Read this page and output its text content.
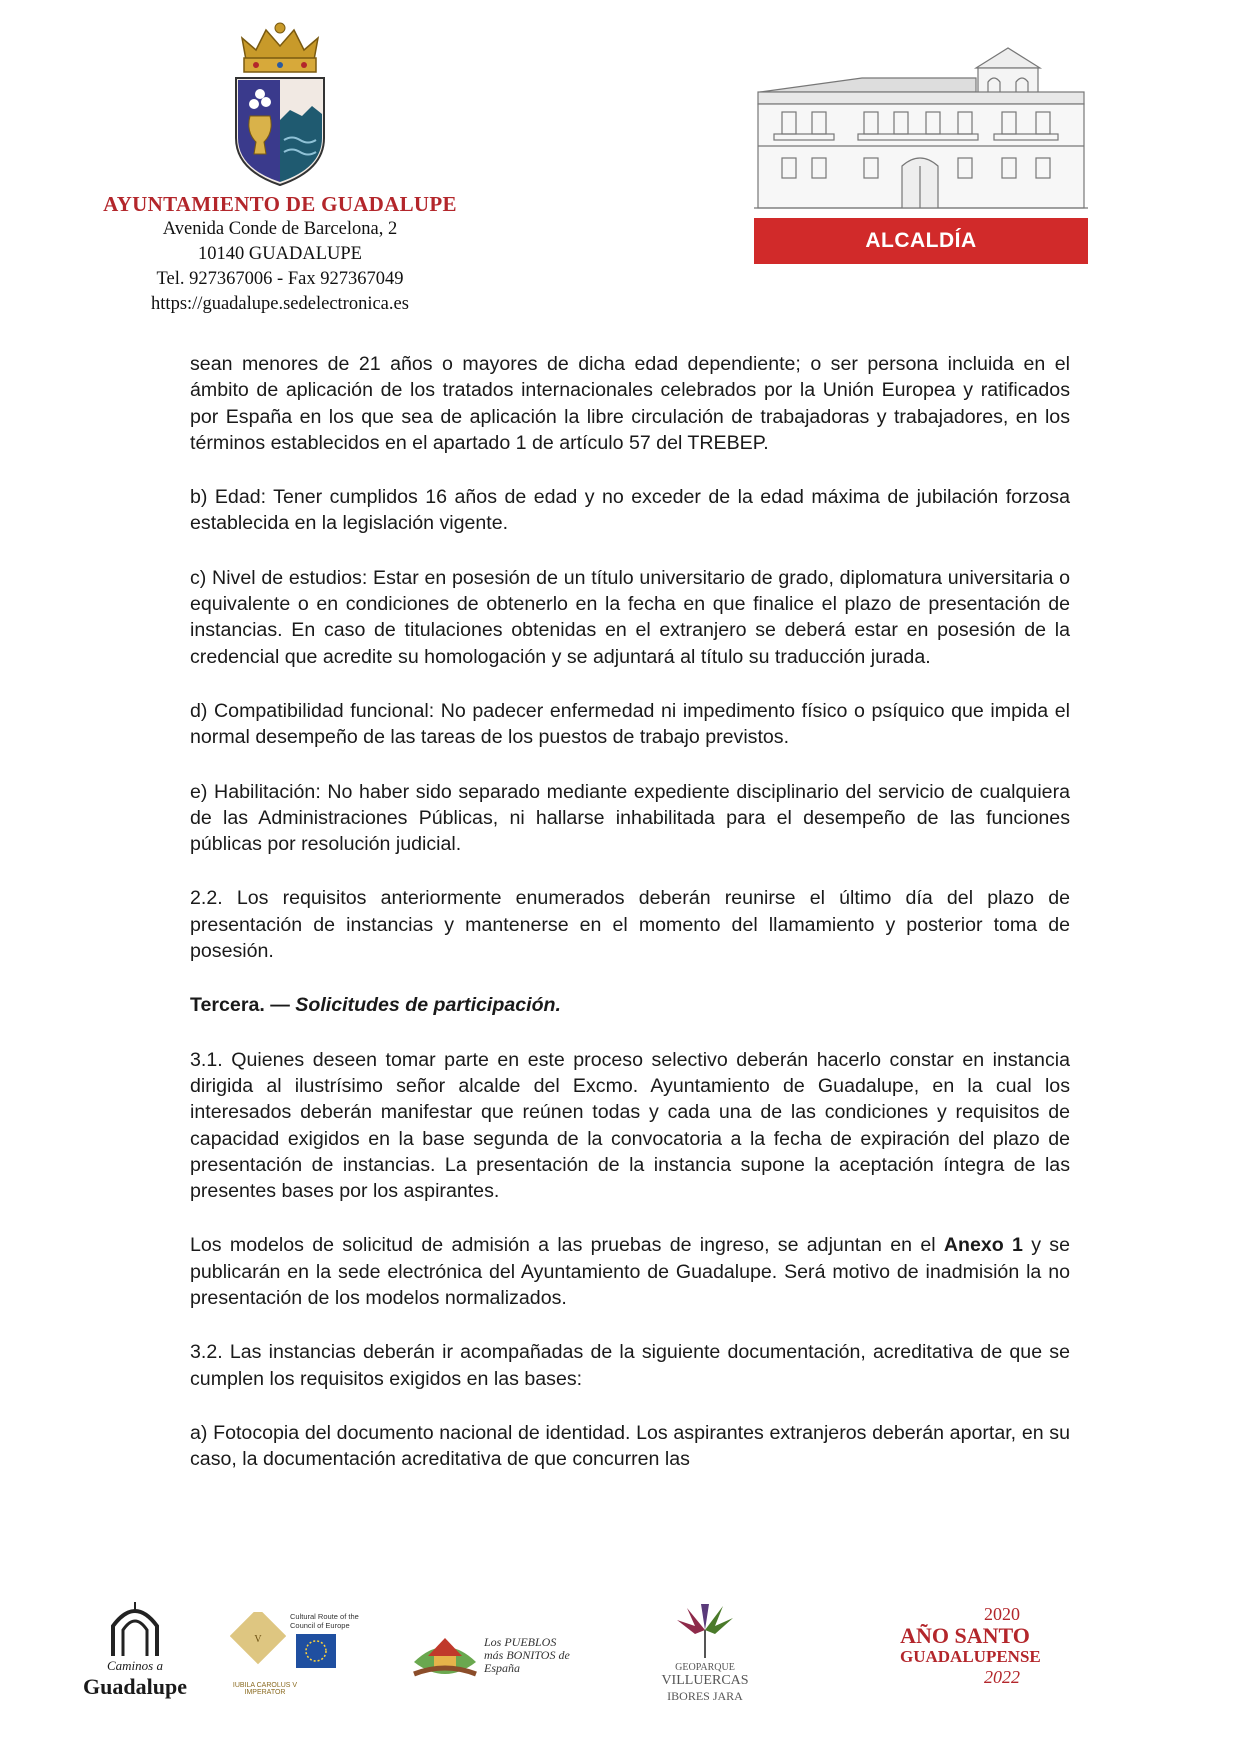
AYUNTAMIENTO DE GUADALUPE
Avenida Conde de Barcelona, 2
10140 GUADALUPE
Tel. 927367006 - Fax 927367049
https://guadalupe.sedelectronica.es
ALCALDÍA

sean menores de 21 años o mayores de dicha edad dependiente; o ser persona incluida en el ámbito de aplicación de los tratados internacionales celebrados por la Unión Europea y ratificados por España en los que sea de aplicación la libre circulación de trabajadoras y trabajadores, en los términos establecidos en el apartado 1 de artículo 57 del TREBEP.

b) Edad: Tener cumplidos 16 años de edad y no exceder de la edad máxima de jubilación forzosa establecida en la legislación vigente.

c) Nivel de estudios: Estar en posesión de un título universitario de grado, diplomatura universitaria o equivalente o en condiciones de obtenerlo en la fecha en que finalice el plazo de presentación de instancias. En caso de titulaciones obtenidas en el extranjero se deberá estar en posesión de la credencial que acredite su homologación y se adjuntará al título su traducción jurada.

d) Compatibilidad funcional: No padecer enfermedad ni impedimento físico o psíquico que impida el normal desempeño de las tareas de los puestos de trabajo previstos.

e) Habilitación: No haber sido separado mediante expediente disciplinario del servicio de cualquiera de las Administraciones Públicas, ni hallarse inhabilitada para el desempeño de las funciones públicas por resolución judicial.

2.2. Los requisitos anteriormente enumerados deberán reunirse el último día del plazo de presentación de instancias y mantenerse en el momento del llamamiento y posterior toma de posesión.

Tercera. — Solicitudes de participación.

3.1. Quienes deseen tomar parte en este proceso selectivo deberán hacerlo constar en instancia dirigida al ilustrísimo señor alcalde del Excmo. Ayuntamiento de Guadalupe, en la cual los interesados deberán manifestar que reúnen todas y cada una de las condiciones y requisitos de capacidad exigidos en la base segunda de la convocatoria a la fecha de expiración del plazo de presentación de instancias. La presentación de la instancia supone la aceptación íntegra de las presentes bases por los aspirantes.

Los modelos de solicitud de admisión a las pruebas de ingreso, se adjuntan en el Anexo 1 y se publicarán en la sede electrónica del Ayuntamiento de Guadalupe. Será motivo de inadmisión la no presentación de los modelos normalizados.

3.2. Las instancias deberán ir acompañadas de la siguiente documentación, acreditativa de que se cumplen los requisitos exigidos en las bases:

a) Fotocopia del documento nacional de identidad. Los aspirantes extranjeros deberán aportar, en su caso, la documentación acreditativa de que concurren las

Caminos a
Guadalupe
V
Cultural Route of the
Council of Europe
IUBILA CAROLUS V IMPERATOR
Los PUEBLOS más BONITOS de España	GEOPARQUE
VILLUERCAS
IBORES JARA
2020
AÑO SANTO
GUADALUPENSE
2022
